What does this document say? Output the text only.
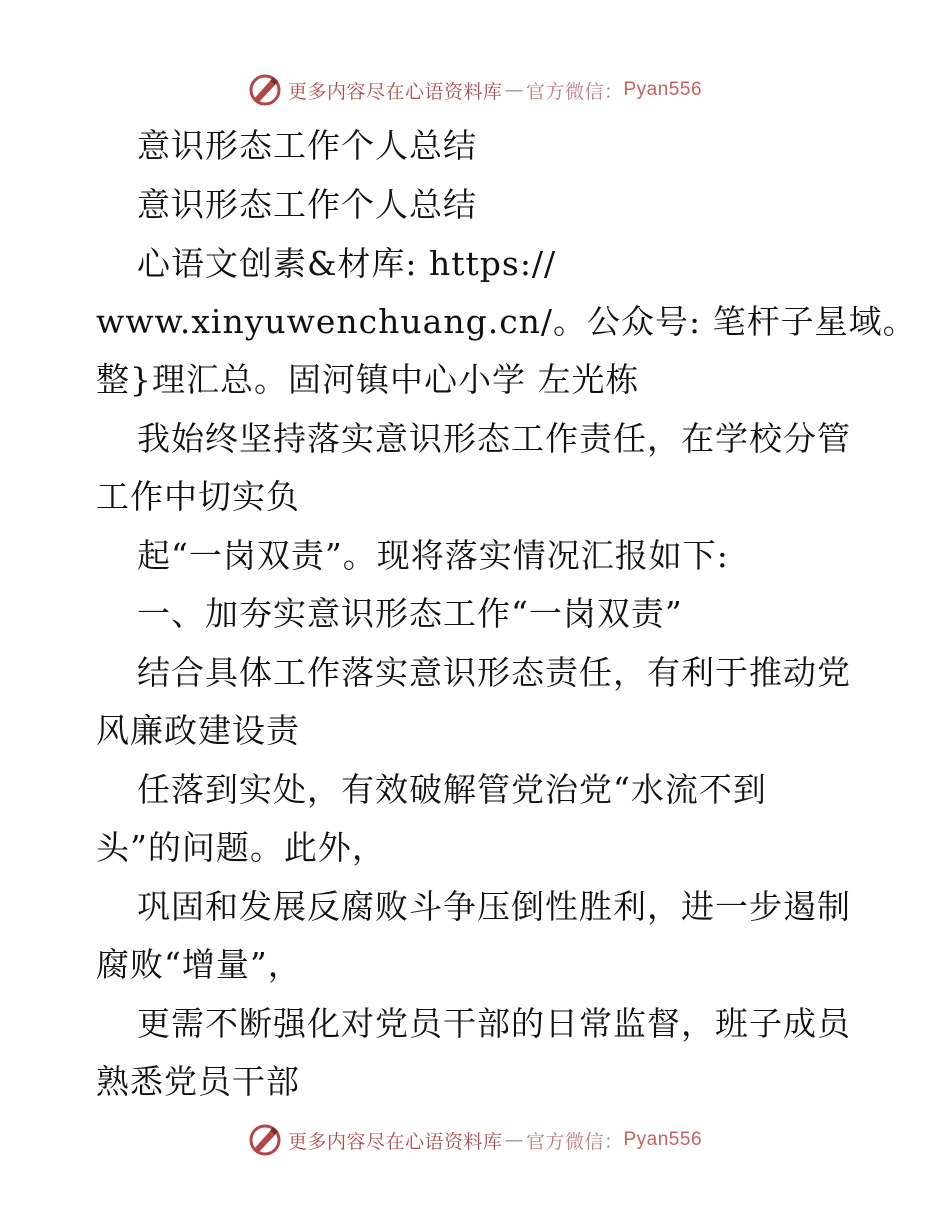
更多内容尽在心语资料库 — 官方微信： Pyan556
意识形态工作个人总结
意识形态工作个人总结
心语文创素&材库: https://
www.xinyuwenchuang.cn/。公众号: 笔杆子星域。
整}理汇总。固河镇中心小学 左光栋
我始终坚持落实意识形态工作责任，在学校分管
工作中切实负
起“一岗双责”。现将落实情况汇报如下:
一、加夯实意识形态工作“一岗双责”
结合具体工作落实意识形态责任，有利于推动党
风廉政建设责
任落到实处，有效破解管党治党“水流不到
头”的问题。此外，
巩固和发展反腐败斗争压倒性胜利，进一步遏制
腐败“增量”，
更需不断强化对党员干部的日常监督，班子成员
熟悉党员干部
更多内容尽在心语资料库 — 官方微信： Pyan556
